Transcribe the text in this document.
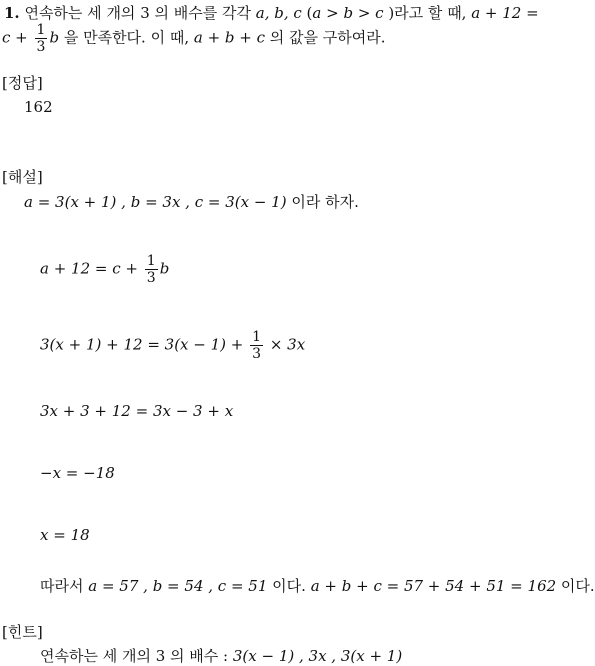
1. 연속하는 세 개의 3 의 배수를 각각 a, b, c (a > b > c )라고 할 때, a + 12 =
$c + \frac{1}{3}$ b 을 만족한다. 이 때, a + b + c 의 값을 구하여라.
[정답]
162
[해설]
a = 3(x + 1) , b = 3x , c = 3(x − 1) 이라 하자.
$a + 12 = c + \frac{1}{3}$ b
$3(x + 1) + 12 = 3(x - 1) + \frac{1}{3} \times 3x$
3x + 3 + 12 = 3x − 3 + x
−x = −18
x = 18
따라서 a = 57 , b = 54 , c = 51 이다. a + b + c = 57 + 54 + 51 = 162 이다.
[힌트]
연속하는 세 개의 3 의 배수 : 3(x − 1) , 3x , 3(x + 1)
